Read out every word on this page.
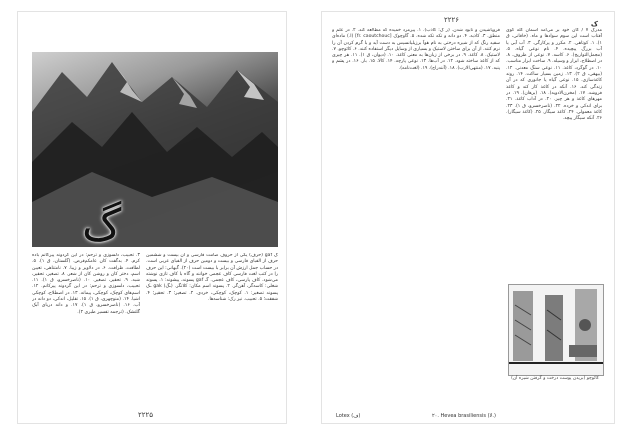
گ

گ gaf (حرف) یکی از حروف صامت فارسی و آن بیست و ششمین حرف از الفبای فارسی و بیست و دومین حرف از الفبای عربی است. در حساب جمل ارزش آن برابر با بیست است (۲۰). گیهانی: این حرف را در کتب لغت فارسی کاف عجمی خوانند و گاه با کاف تازی نوشته می‌شود. کاف پارسی، کاف عجمی. گـ gaf پسوند، پیشوند: ۱. پسوند شغلی: کاسه‌گر، آهن‌گر. ۲. پسوند اسم مکان: کلاتگر. (ـگ) gak ـک پسوند تصغیر: ۱. کوچک، کوچکی، خردی. ۲. تصغیر؛ ۳. تحقیر؛ ۴. شفقت؛ ۵. تحبیب. نیز رک: شناسه‌ها.

۳. تحبیب، دلسوزی و ترحم: در این گردونه پیرکانم باده کرم. ۴. بدگفت کان عامکم‌قرض. (گلستان، ق ۱). ۵. لطافت، ظرافت. ۶. در دلاویز و زیبا. ۷. نامتناهی، تعیین اسم، دختر کان و روشن کان از شعر. ۸. تصغیر، تحقیر، شبه. ۹. تحقیر، تصغیر. ۱۰. (ناصرخسرو، ق ۱). ۱۱. تحبیب، دلسوزی و ترحم: در این گردونه پیرکانم. ۱۲. اسم‌های کوچک، کوچکی، پیمانه. ۱۳. در اصطلاح، کوچکی اشیا. ۱۴. (منوچهری، ق ۱). ۱۵. تقلیل، اندکی، دو دانه در آب. ۱۶. (ناصرخسرو، ق ۱). ۱۷. و دانه دریای آبک گلتشک. (ترجمه تفسیر طبری ۲).

۲۲۲۵
۲۲۲۶	ک

مدرک ۷ / کان خود بر می‌آمد آسمان کله گوی‌ آفتاب است‌ این سوم سوادها و ماه. (خاقانی، ق ۱). ۱. کوتاهی. ۲. مکرر و پرکارگی. ۳. آب آبی یا آب بزرگ پیچیده. ۴. نام نوعی گیاه. ۵. (مجمل‌التواریخ). ۶. کاسه. ۷. نوعی از ظروف. ۸. در اصطلاح، ابزار و وسیله. ۹. ساخت ابزار مناسب. ۱۰. در گوگرد، کاغذ. ۱۱. نوعی سنگ معدنی. ۱۲. (بیهقی، ق ۲). ۱۳. زمین بسیار ساکت. ۱۴. روند کاغذسازی. ۱۵. نوعی گیاه یا جانوری که در آن زندگی کند. ۱۶. آنکه در کاغذ کار کند و کاغذ فروشد. ۱۷. (مخزن‌الادویه). ۱۸. (برهان). ۱۹. در مهرهای کاغذ و هر چیز. ۲۰. در آداب کاغذ. ۲۱. برای اندکی و خرده. ۲۲. (ناصرخسرو، ق ۱). ۲۳. کاغذ معمولی. ۲۴. کاغذ سیگار. ۲۵. (کاغذ سیگار). ۲۶. آنکه سیگار پیچد.

فروپاشیدن و نابود شدن. (ر ک: کاذب). ۱. پیرمرد خمیده که مطالعه کند. ۲. در علم و منطق. ۳. کاذبه. ۴. دو دانه و تکه تکه شده. ۵. گاوچوک [fr. caoutchouc] (ا.) ماده‌ای سفید رنگ که از شیره درختی به نام هوآ برزیلیانسیس به دست آید و با گرم کردن آن را نرم کنند. از آن برای ساختن لاستیک و بسیاری از وسایل دیگر استفاده کنند. ۶. کائوچو. ۷. لاستیک. ۸. کاغذ. ۹. در برخی از زبان‌ها به معنی کاغذ. ۱۰. (دیوان، ق ۱). ۱۱. هر چیزی که از کاغذ ساخته شود. ۱۲. در آب‌ها. ۱۳. نوعی پارچه. ۱۴. کالا. ۱۵. بار. ۱۶. در پشم و پنبه. ۱۷. (منتهی‌الارب). ۱۸. (آنندراج). ۱۹. (لغت‌نامه).

کائوچو (بریدن پوست درخت و گرفتن شیره آن)
Lotex (ف)	۲۰. Hevea brasiliensis (لا.)
